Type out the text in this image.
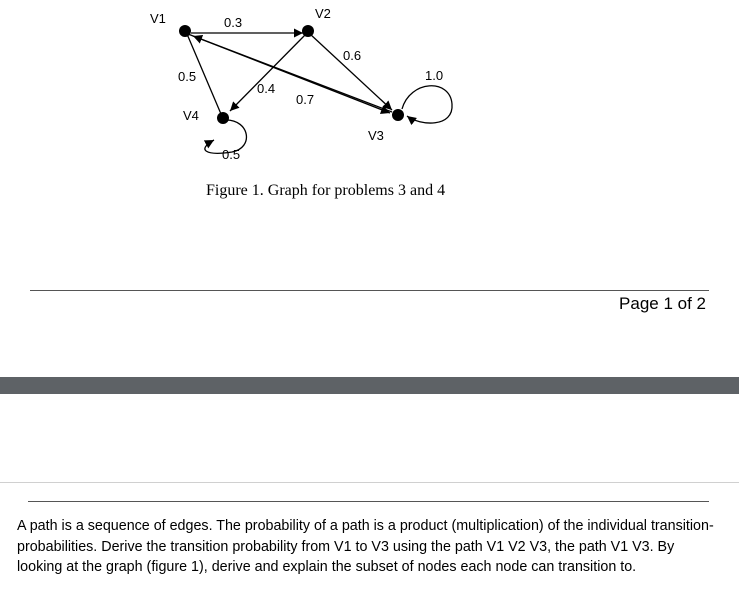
V1	V2
V3
V4
0.3
0.7
0.5
0.6
0.4
1.0
0.5
Figure 1. Graph for problems 3 and 4
Page 1 of 2

A path is a sequence of edges. The probability of a path is a product (multiplication) of the individual transition-probabilities. Derive the transition probability from V1 to V3 using the path V1 V2 V3, the path V1 V3. By looking at the graph (figure 1), derive and explain the subset of nodes each node can transition to.
